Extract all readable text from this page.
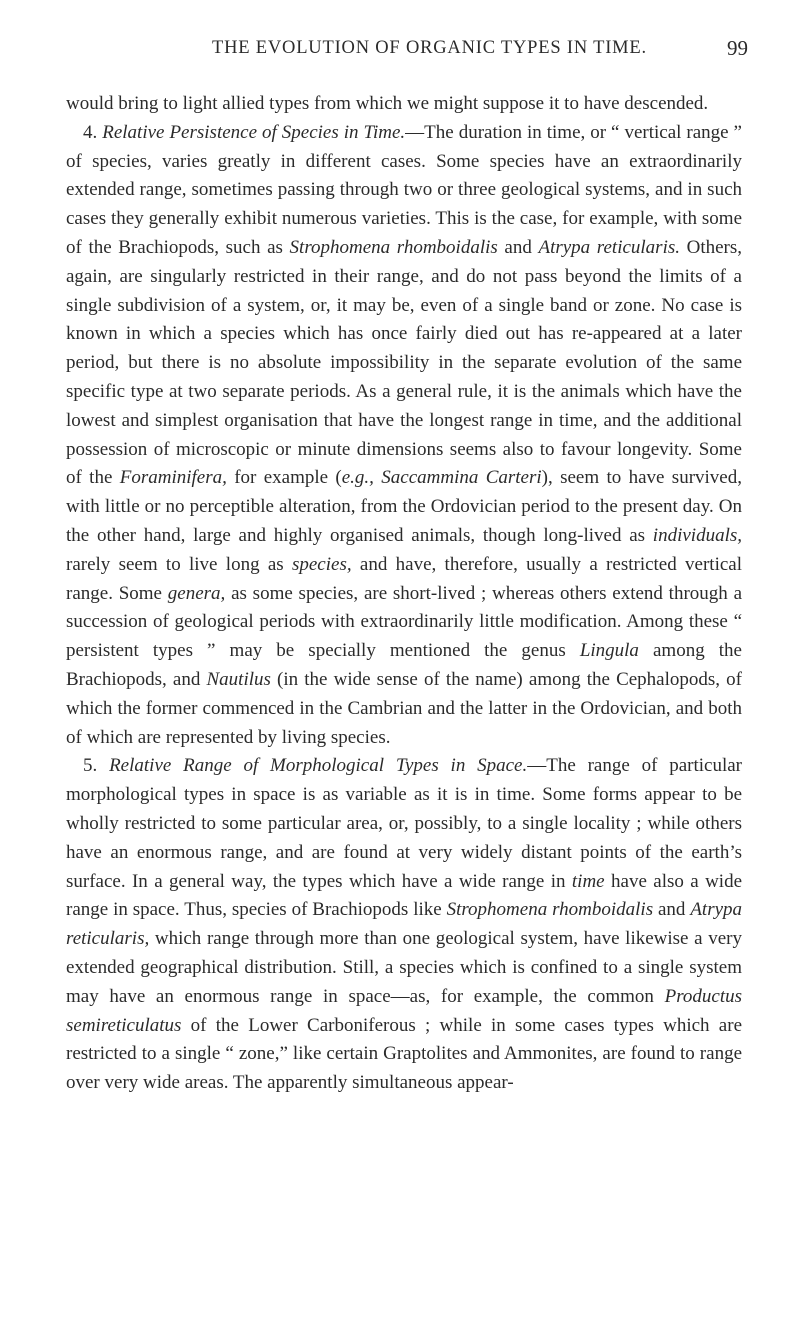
THE EVOLUTION OF ORGANIC TYPES IN TIME.	99

would bring to light allied types from which we might suppose it to have descended.

4. Relative Persistence of Species in Time.—The duration in time, or “ vertical range ” of species, varies greatly in different cases. Some species have an extraordinarily extended range, sometimes passing through two or three geological systems, and in such cases they generally exhibit numerous varieties. This is the case, for example, with some of the Brachiopods, such as Strophomena rhomboidalis and Atrypa reticularis. Others, again, are singularly restricted in their range, and do not pass beyond the limits of a single subdivision of a system, or, it may be, even of a single band or zone. No case is known in which a species which has once fairly died out has re-appeared at a later period, but there is no absolute impossibility in the separate evolution of the same specific type at two separate periods. As a general rule, it is the animals which have the lowest and simplest organisation that have the longest range in time, and the additional possession of microscopic or minute dimensions seems also to favour longevity. Some of the Foraminifera, for example (e.g., Saccammina Carteri), seem to have survived, with little or no perceptible alteration, from the Ordovician period to the present day. On the other hand, large and highly organised animals, though long-lived as individuals, rarely seem to live long as species, and have, therefore, usually a restricted vertical range. Some genera, as some species, are short-lived ; whereas others extend through a succession of geological periods with extraordinarily little modification. Among these “ persistent types ” may be specially mentioned the genus Lingula among the Brachiopods, and Nautilus (in the wide sense of the name) among the Cephalopods, of which the former commenced in the Cambrian and the latter in the Ordovician, and both of which are represented by living species.

5. Relative Range of Morphological Types in Space.—The range of particular morphological types in space is as variable as it is in time. Some forms appear to be wholly restricted to some particular area, or, possibly, to a single locality ; while others have an enormous range, and are found at very widely distant points of the earth’s surface. In a general way, the types which have a wide range in time have also a wide range in space. Thus, species of Brachiopods like Strophomena rhomboidalis and Atrypa reticularis, which range through more than one geological system, have likewise a very extended geographical distribution. Still, a species which is confined to a single system may have an enormous range in space—as, for example, the common Productus semireticulatus of the Lower Carboniferous ; while in some cases types which are restricted to a single “ zone,” like certain Graptolites and Ammonites, are found to range over very wide areas. The apparently simultaneous appear-
